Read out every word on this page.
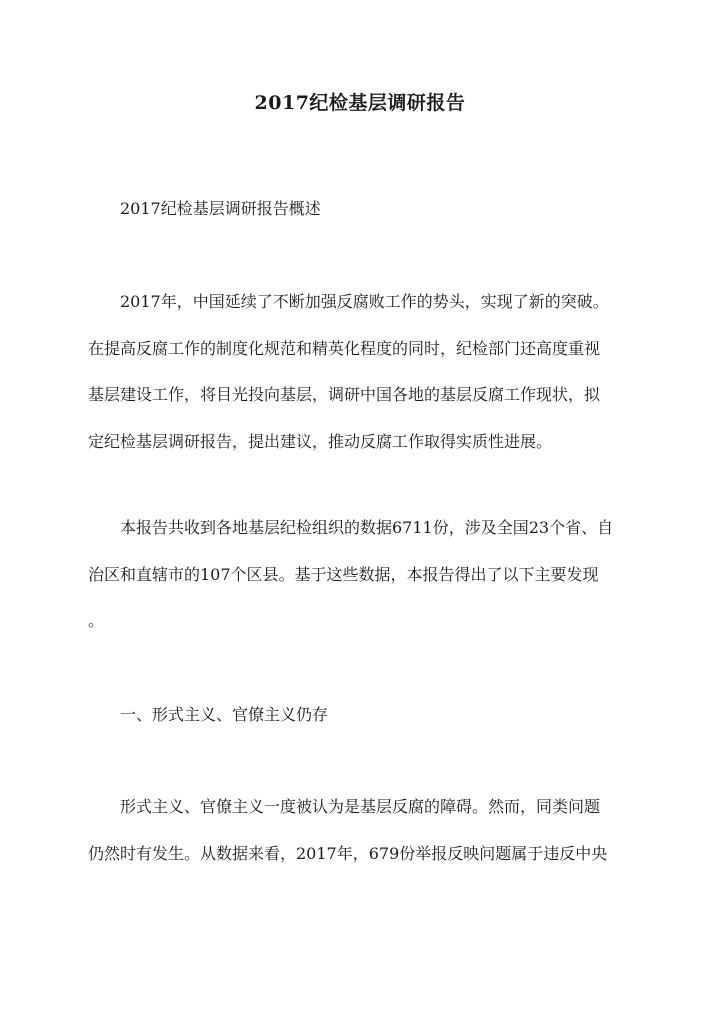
2017纪检基层调研报告
2017纪检基层调研报告概述
2017年，中国延续了不断加强反腐败工作的势头，实现了新的突破。
在提高反腐工作的制度化规范和精英化程度的同时，纪检部门还高度重视
基层建设工作，将目光投向基层，调研中国各地的基层反腐工作现状，拟
定纪检基层调研报告，提出建议，推动反腐工作取得实质性进展。
本报告共收到各地基层纪检组织的数据6711份，涉及全国23个省、自
治区和直辖市的107个区县。基于这些数据，本报告得出了以下主要发现
。
一、形式主义、官僚主义仍存
形式主义、官僚主义一度被认为是基层反腐的障碍。然而，同类问题
仍然时有发生。从数据来看，2017年，679份举报反映问题属于违反中央
